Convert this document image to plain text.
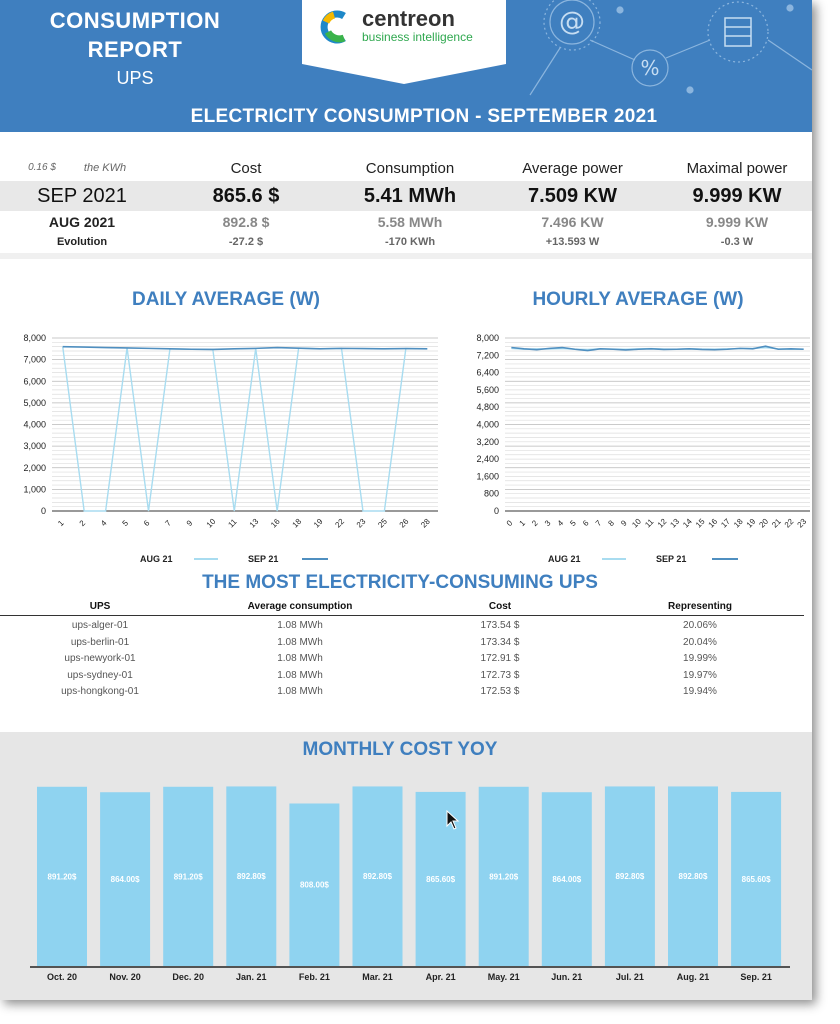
CONSUMPTION
REPORT
UPS
centreon
business intelligence	@
%
ELECTRICITY CONSUMPTION - SEPTEMBER 2021
0.16 $	the KWh	Cost	Consumption	Average power	Maximal power
SEP 2021	865.6 $	5.41 MWh	7.509 KW	9.999 KW
AUG 2021	892.8 $	5.58 MWh	7.496 KW	9.999 KW
Evolution	-27.2 $	-170 KWh	+13.593 W	-0.3 W
DAILY AVERAGE (W)	HOURLY AVERAGE (W)
0
1,000
2,000
3,000
4,000
5,000
6,000
7,000
8,000
1 2 4 5 6 7 9 10 11 13 16 18 19 22 23 25 26 28
0
800
1,600
2,400
3,200
4,000
4,800
5,600
6,400
7,200
8,000
0 1 2 3 4 5 6 7 8 9 10 11 12 13 14 15 16 17 18 19 20 21 22 23
AUG 21	SEP 21	AUG 21	SEP 21
THE MOST ELECTRICITY-CONSUMING UPS
UPS	Average consumption	Cost	Representing
ups-alger-01	1.08 MWh	173.54 $	20.06%
ups-berlin-01	1.08 MWh	173.34 $	20.04%
ups-newyork-01	1.08 MWh	172.91 $	19.99%
ups-sydney-01	1.08 MWh	172.73 $	19.97%
ups-hongkong-01	1.08 MWh	172.53 $	19.94%
MONTHLY COST YOY
891.20$
Oct. 20
864.00$
Nov. 20
891.20$
Dec. 20
892.80$
Jan. 21
808.00$
Feb. 21
892.80$
Mar. 21
865.60$
Apr. 21
891.20$
May. 21
864.00$
Jun. 21
892.80$
Jul. 21
892.80$
Aug. 21
865.60$
Sep. 21
